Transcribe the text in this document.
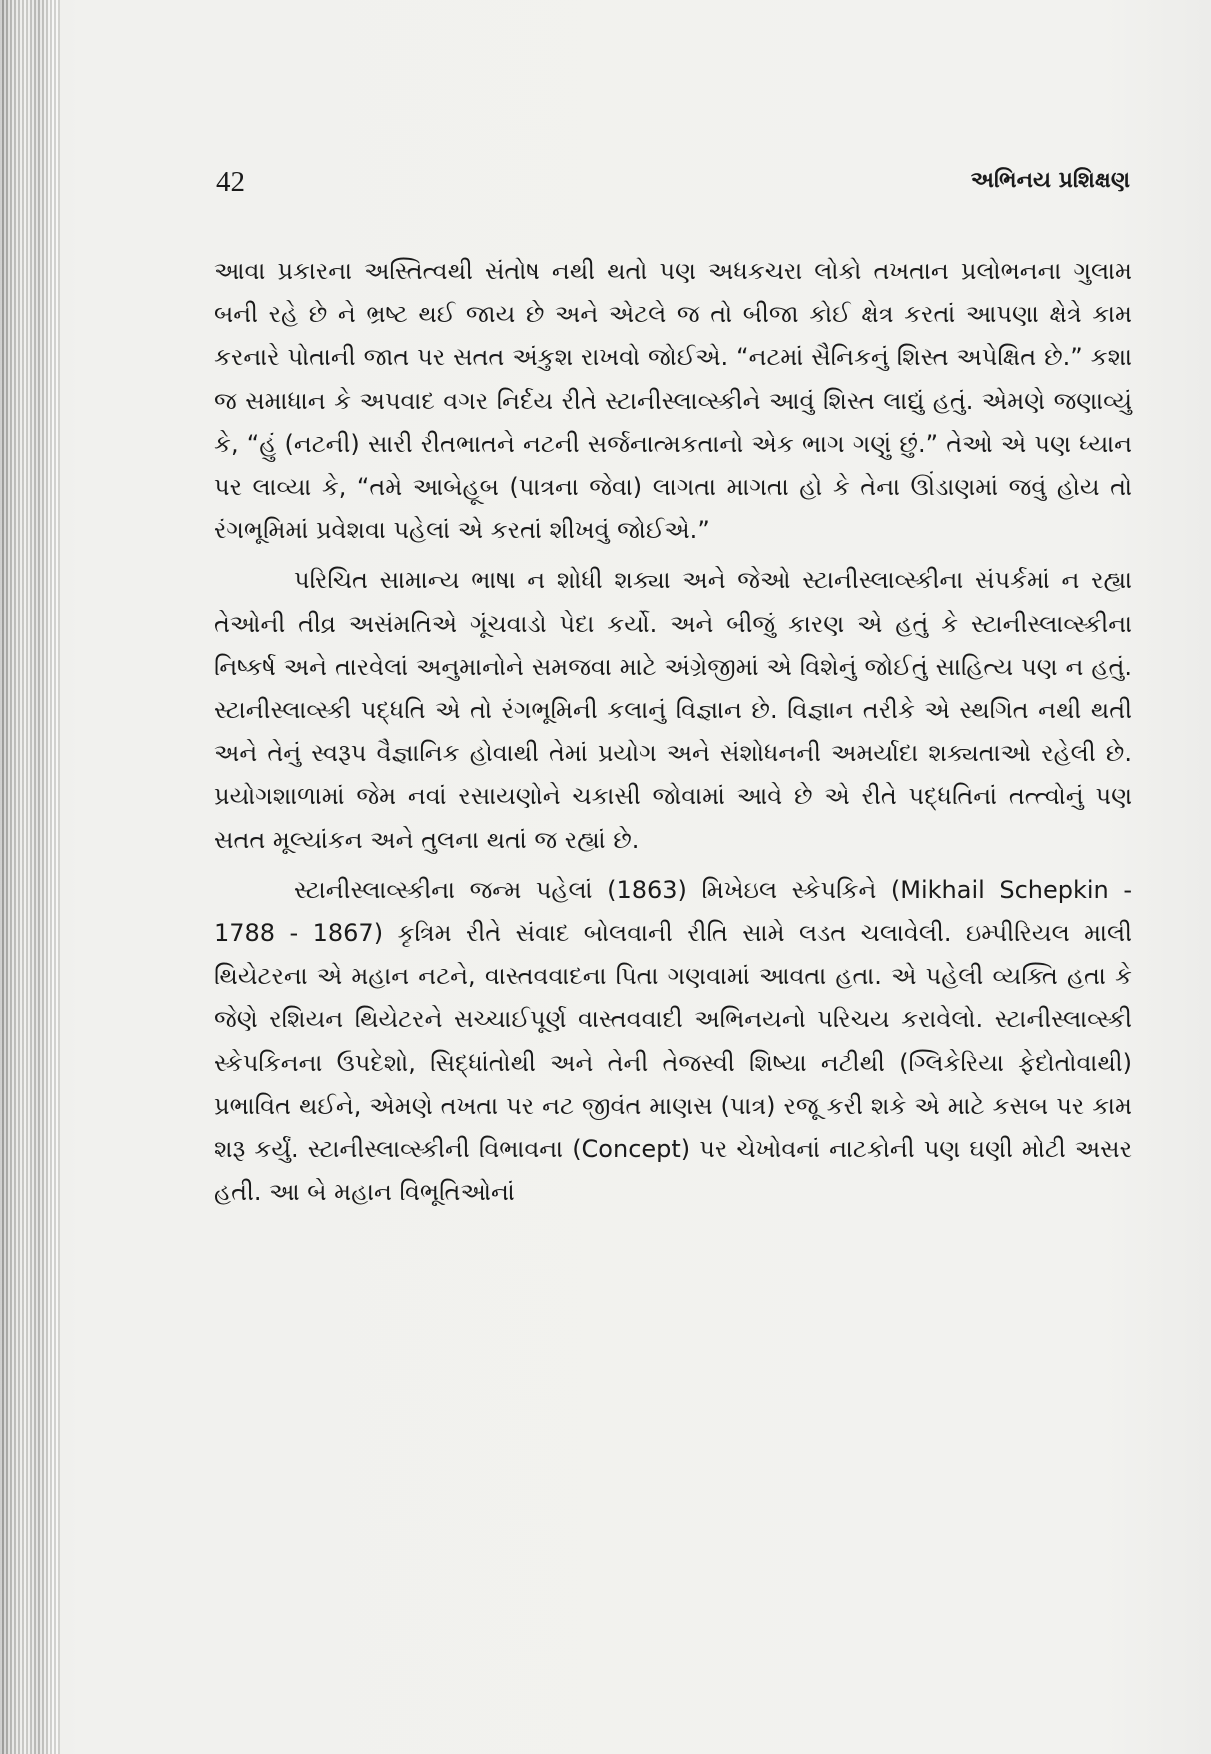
42	અભિનય પ્રશિક્ષણ

આવા પ્રકારના અસ્તિત્વથી સંતોષ નથી થતો પણ અધકચરા લોકો તખતાન પ્રલોભનના ગુલામ બની રહે છે ને ભ્રષ્ટ થઈ જાય છે અને એટલે જ તો બીજા કોઈ ક્ષેત્ર કરતાં આપણા ક્ષેત્રે કામ કરનારે પોતાની જાત પર સતત અંકુશ રાખવો જોઈએ. “નટમાં સૈનિકનું શિસ્ત અપેક્ષિત છે.” કશા જ સમાધાન કે અપવાદ વગર નિર્દય રીતે સ્ટાનીસ્લાવ્સ્કીને આવું શિસ્ત લાદ્યું હતું. એમણે જણાવ્યું કે, “હું (નટની) સારી રીતભાતને નટની સર્જનાત્મકતાનો એક ભાગ ગણું છું.” તેઓ એ પણ ધ્યાન પર લાવ્યા કે, “તમે આબેહૂબ (પાત્રના જેવા) લાગતા માગતા હો કે તેના ઊંડાણમાં જવું હોય તો રંગભૂમિમાં પ્રવેશવા પહેલાં એ કરતાં શીખવું જોઈએ.”

પરિચિત સામાન્ય ભાષા ન શોધી શક્યા અને જેઓ સ્ટાનીસ્લાવ્સ્કીના સંપર્કમાં ન રહ્યા તેઓની તીવ્ર અસંમતિએ ગૂંચવાડો પેદા કર્યો. અને બીજું કારણ એ હતું કે સ્ટાનીસ્લાવ્સ્કીના નિષ્કર્ષ અને તારવેલાં અનુમાનોને સમજવા માટે અંગ્રેજીમાં એ વિશેનું જોઈતું સાહિત્ય પણ ન હતું. સ્ટાનીસ્લાવ્સ્કી પદ્ધતિ એ તો રંગભૂમિની કલાનું વિજ્ઞાન છે. વિજ્ઞાન તરીકે એ સ્થગિત નથી થતી અને તેનું સ્વરૂપ વૈજ્ઞાનિક હોવાથી તેમાં પ્રયોગ અને સંશોધનની અમર્યાદા શક્યતાઓ રહેલી છે. પ્રયોગશાળામાં જેમ નવાં રસાયણોને ચકાસી જોવામાં આવે છે એ રીતે પદ્ધતિનાં તત્ત્વોનું પણ સતત મૂલ્યાંકન અને તુલના થતાં જ રહ્યાં છે.

સ્ટાનીસ્લાવ્સ્કીના જન્મ પહેલાં (1863) મિખેઇલ સ્કેપકિને (Mikhail Schepkin - 1788 - 1867) કૃત્રિમ રીતે સંવાદ બોલવાની રીતિ સામે લડત ચલાવેલી. ઇમ્પીરિયલ માલી થિયેટરના એ મહાન નટને, વાસ્તવવાદના પિતા ગણવામાં આવતા હતા. એ પહેલી વ્યક્તિ હતા કે જેણે રશિયન થિયેટરને સચ્ચાઈપૂર્ણ વાસ્તવવાદી અભિનયનો પરિચય કરાવેલો. સ્ટાનીસ્લાવ્સ્કી સ્કેપકિનના ઉપદેશો, સિદ્ધાંતોથી અને તેની તેજસ્વી શિષ્યા નટીથી (ગ્લિકેરિયા ફેદોતોવાથી) પ્રભાવિત થઈને, એમણે તખતા પર નટ જીવંત માણસ (પાત્ર) રજૂ કરી શકે એ માટે કસબ પર કામ શરૂ કર્યું. સ્ટાનીસ્લાવ્સ્કીની વિભાવના (Concept) પર ચેખોવનાં નાટકોની પણ ઘણી મોટી અસર હતી. આ બે મહાન વિભૂતિઓનાં
